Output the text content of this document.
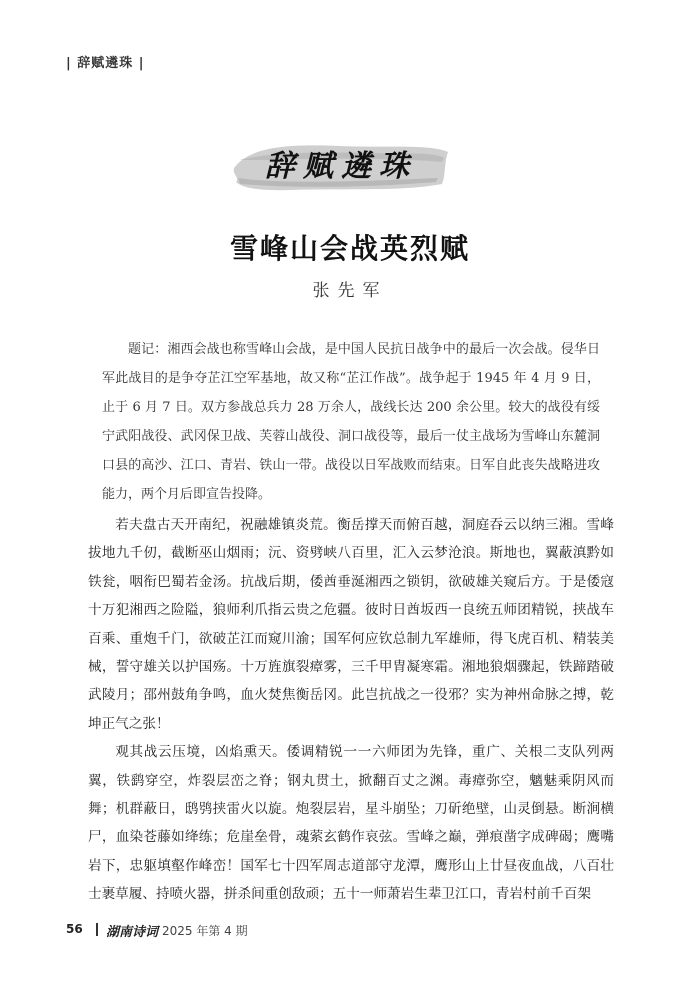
| 辞赋遴珠 |
辞赋遴珠
雪峰山会战英烈赋
张先军

题记：湘西会战也称雪峰山会战，是中国人民抗日战争中的最后一次会战。侵华日军此战目的是争夺芷江空军基地，故又称“芷江作战”。战争起于 1945 年 4 月 9 日，止于 6 月 7 日。双方参战总兵力 28 万余人，战线长达 200 余公里。较大的战役有绥宁武阳战役、武冈保卫战、芙蓉山战役、洞口战役等，最后一仗主战场为雪峰山东麓洞口县的高沙、江口、青岩、铁山一带。战役以日军战败而结束。日军自此丧失战略进攻能力，两个月后即宣告投降。

若夫盘古天开南纪，祝融雄镇炎荒。衡岳撑天而俯百越，洞庭吞云以纳三湘。雪峰拔地九千仞，截断巫山烟雨；沅、资劈峡八百里，汇入云梦沧浪。斯地也，翼蔽滇黔如铁瓮，咽衔巴蜀若金汤。抗战后期，倭酋垂涎湘西之锁钥，欲破雄关窥后方。于是倭寇十万犯湘西之险隘，狼师利爪指云贵之危疆。彼时日酋坂西一良统五师团精锐，挟战车百乘、重炮千门，欲破芷江而窥川渝；国军何应钦总制九军雄师，得飞虎百机、精装美械，誓守雄关以护国殇。十万旌旗裂瘴雾，三千甲胄凝寒霜。湘地狼烟骤起，铁蹄踏破武陵月；邵州鼓角争鸣，血火焚焦衡岳冈。此岂抗战之一役邪？实为神州命脉之搏，乾坤正气之张！

观其战云压境，凶焰熏天。倭调精锐一一六师团为先锋，重广、关根二支队列两翼，铁鹞穿空，炸裂层峦之脊；钢丸贯土，掀翻百丈之渊。毒瘴弥空，魑魅乘阴风而舞；机群蔽日，鸱鸮挟雷火以旋。炮裂层岩，星斗崩坠；刀斫绝壁，山灵倒悬。断涧横尸，血染苍藤如绛练；危崖垒骨，魂萦玄鹤作哀弦。雪峰之巅，弹痕凿字成碑碣；鹰嘴岩下，忠躯填壑作峰峦！国军七十四军周志道部守龙潭，鹰形山上廿昼夜血战，八百壮士裹草履、持喷火器，拼杀间重创敌顽；五十一师萧岩生辈卫江口，青岩村前千百架

56 湖南诗词 2025 年第 4 期
